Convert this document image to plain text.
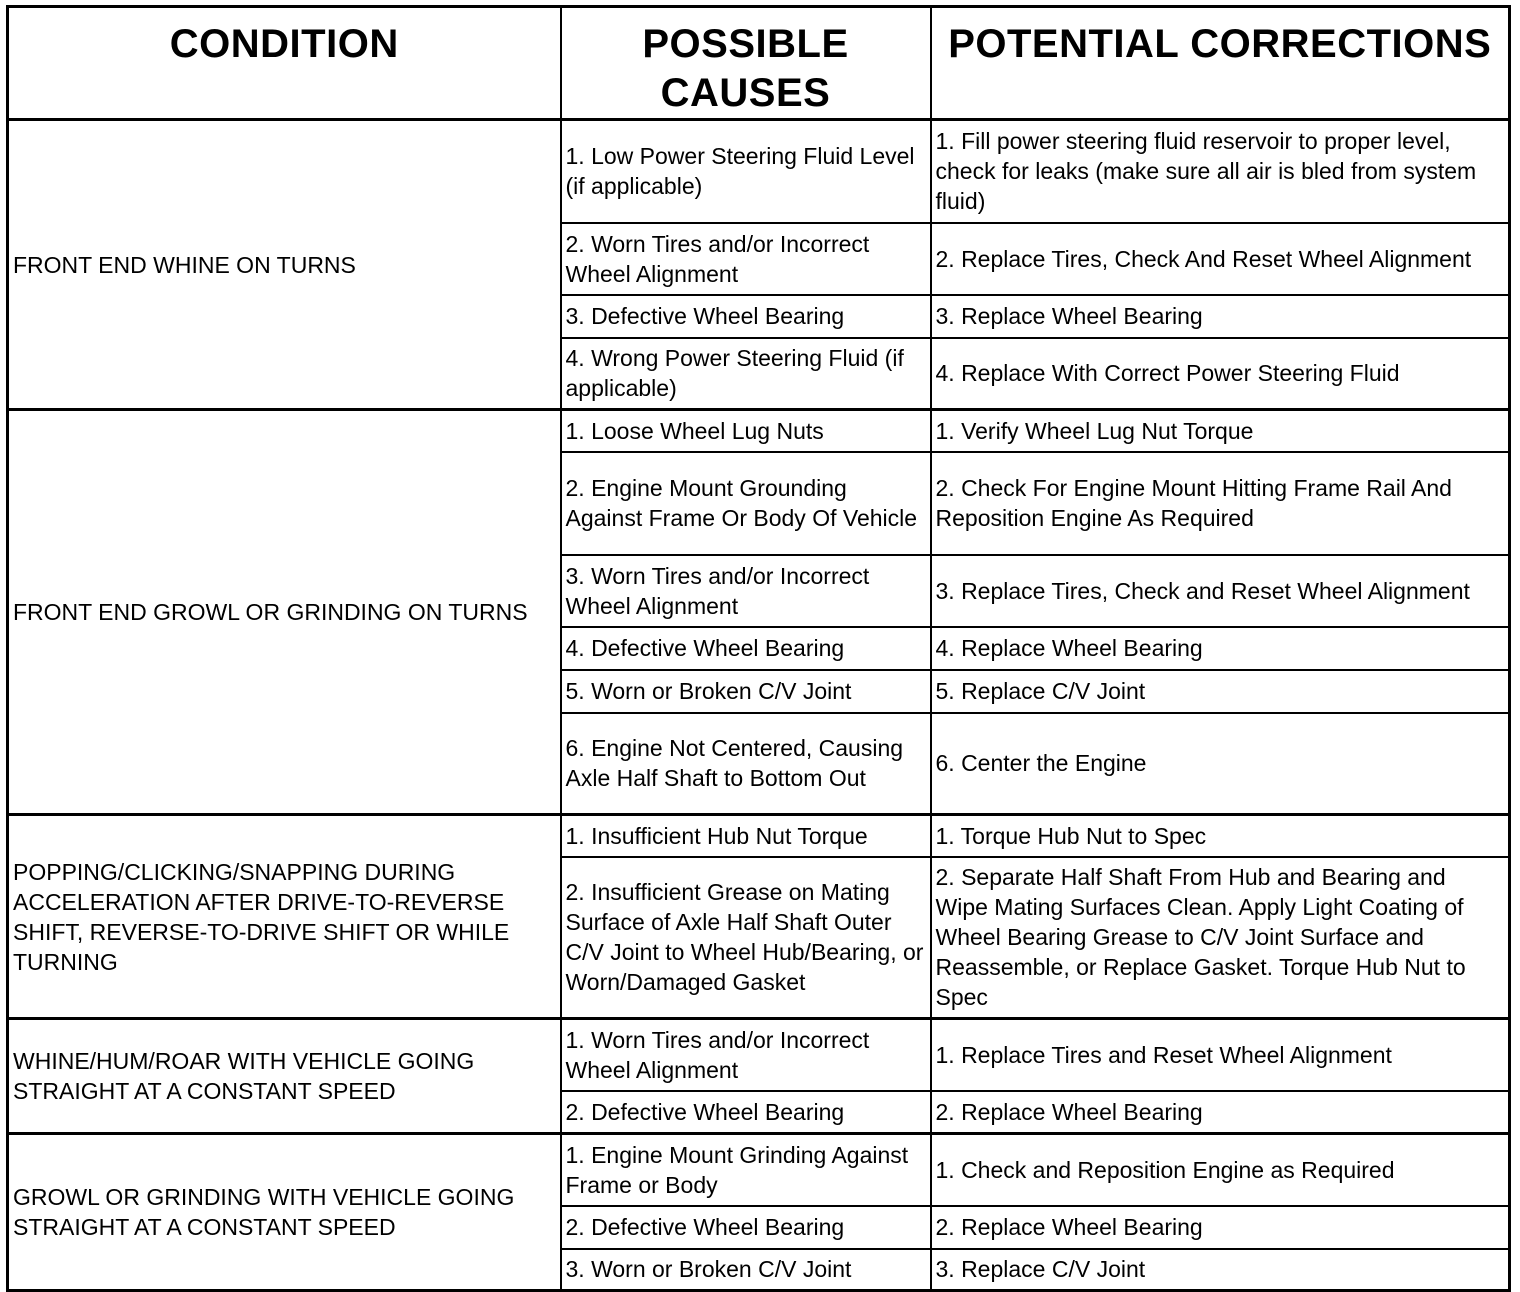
CONDITION	POSSIBLE CAUSES	POTENTIAL CORRECTIONS
FRONT END WHINE ON TURNS	1. Low Power Steering Fluid Level (if applicable)	1. Fill power steering fluid reservoir to proper level, check for leaks (make sure all air is bled from system fluid)
	2. Worn Tires and/or Incorrect Wheel Alignment	2. Replace Tires, Check And Reset Wheel Alignment
	3. Defective Wheel Bearing	3. Replace Wheel Bearing
	4. Wrong Power Steering Fluid (if applicable)	4. Replace With Correct Power Steering Fluid
FRONT END GROWL OR GRINDING ON TURNS	1. Loose Wheel Lug Nuts	1. Verify Wheel Lug Nut Torque
	2. Engine Mount Grounding Against Frame Or Body Of Vehicle	2. Check For Engine Mount Hitting Frame Rail And Reposition Engine As Required
	3. Worn Tires and/or Incorrect Wheel Alignment	3. Replace Tires, Check and Reset Wheel Alignment
	4. Defective Wheel Bearing	4. Replace Wheel Bearing
	5. Worn or Broken C/V Joint	5. Replace C/V Joint
	6. Engine Not Centered, Causing Axle Half Shaft to Bottom Out	6. Center the Engine
POPPING/CLICKING/SNAPPING DURING ACCELERATION AFTER DRIVE-TO-REVERSE SHIFT, REVERSE-TO-DRIVE SHIFT OR WHILE TURNING	1. Insufficient Hub Nut Torque	1. Torque Hub Nut to Spec
	2. Insufficient Grease on Mating Surface of Axle Half Shaft Outer C/V Joint to Wheel Hub/Bearing, or Worn/Damaged Gasket	2. Separate Half Shaft From Hub and Bearing and Wipe Mating Surfaces Clean. Apply Light Coating of Wheel Bearing Grease to C/V Joint Surface and Reassemble, or Replace Gasket. Torque Hub Nut to Spec
WHINE/HUM/ROAR WITH VEHICLE GOING STRAIGHT AT A CONSTANT SPEED	1. Worn Tires and/or Incorrect Wheel Alignment	1. Replace Tires and Reset Wheel Alignment
	2. Defective Wheel Bearing	2. Replace Wheel Bearing
GROWL OR GRINDING WITH VEHICLE GOING STRAIGHT AT A CONSTANT SPEED	1. Engine Mount Grinding Against Frame or Body	1. Check and Reposition Engine as Required
	2. Defective Wheel Bearing	2. Replace Wheel Bearing
	3. Worn or Broken C/V Joint	3. Replace C/V Joint
